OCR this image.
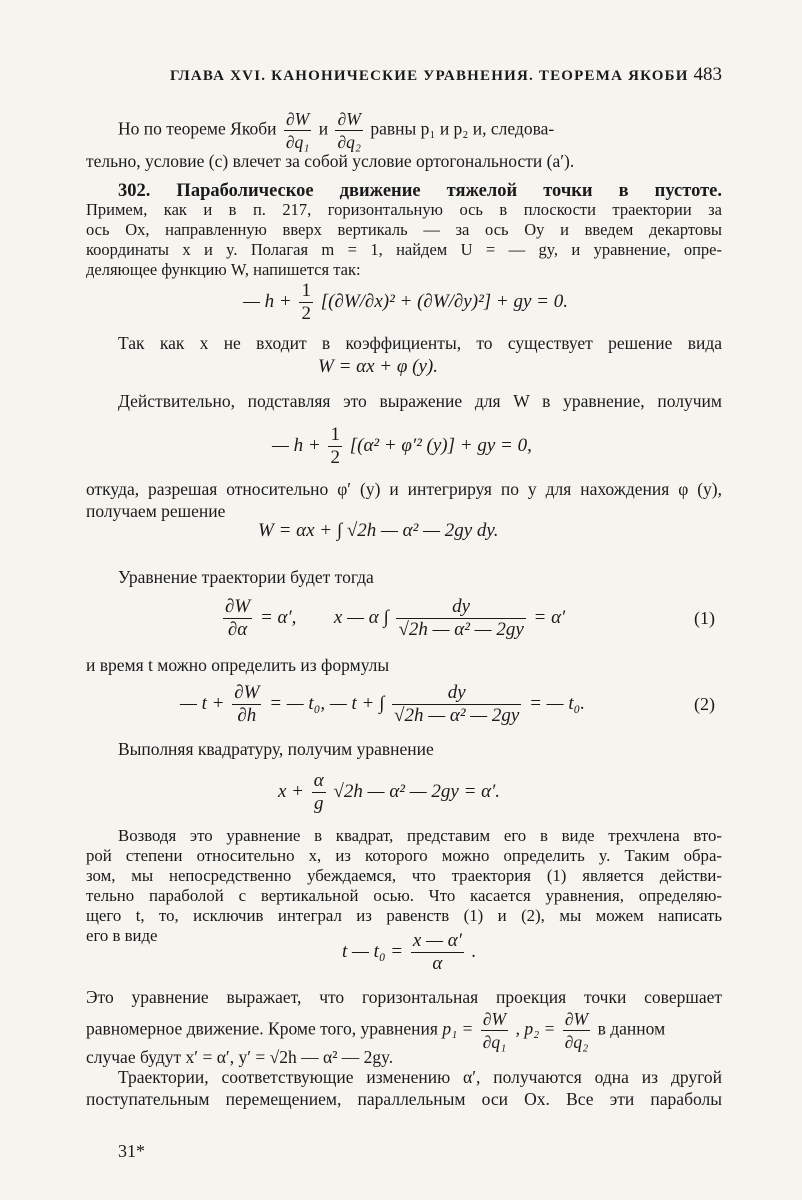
ГЛАВА XVI. КАНОНИЧЕСКИЕ УРАВНЕНИЯ. ТЕОРЕМА ЯКОБИ 483
Но по теореме Якоби $\frac{\partial W}{\text{∂q₁}}$ и $\frac{\partial W}{\text{∂q₂}}$ равны p₁ и p₂ и, следова-
тельно, условие (c) влечет за собой условие ортогональности (a′).
302. Параболическое движение тяжелой точки в пустоте.
Примем, как и в п. 217, горизонтальную ось в плоскости траектории за
ось Ox, направленную вверх вертикаль — за ось Oy и введем декартовы
координаты x и y. Полагая m = 1, найдем U = — gy, и уравнение, опре-
деляющее функцию W, напишется так:
— $h + \frac{1}{2} [(\partial W/\partial x)^2 + (\partial W/\partial y)^2]$ + gy = 0.
Так как x не входит в коэффициенты, то существует решение вида
W = αx + φ (y).
Действительно, подставляя это выражение для W в уравнение, получим
— $h + \frac{1}{2} [(\alpha^2 + \varphi'^2$ (y)] + gy = 0,
откуда, разрешая относительно φ′ (y) и интегрируя по y для нахождения φ (y),
получаем решение
W = αx + ∫ √2h — α² — 2gy dy.
Уравнение траектории будет тогда
$\frac{\partial W}{\partial\alpha} = \alpha'$, x — α ∫ $\frac{dy}{\text{√2h — α² — 2gy}} = \alpha'$	(1)
и время t можно определить из формулы
— $t + \frac{\partial W}{\partial h}$ = — t₀, — t + ∫ $\frac{dy}{\text{√2h — α² — 2gy}}$ = — t₀.	(2)
Выполняя квадратуру, получим уравнение
$x + \frac{\alpha}{g} √2h$ — α² — 2gy = α′.
Возводя это уравнение в квадрат, представим его в виде трехчлена вто-
рой степени относительно x, из которого можно определить y. Таким обра-
зом, мы непосредственно убеждаемся, что траектория (1) является действи-
тельно параболой с вертикальной осью. Что касается уравнения, определяю-
щего t, то, исключив интеграл из равенств (1) и (2), мы можем написать
его в виде
t — $t_0 = \frac{x — \alpha'}{\alpha}$ .
Это уравнение выражает, что горизонтальная проекция точки совершает
равномерное движение. Кроме того, уравнения $p_1 = \frac{\partial W}{\text{∂q₁}}$ , $p_2 = \frac{\partial W}{\text{∂q₂}}$ в данном
случае будут x′ = α′, y′ = √2h — α² — 2gy.
Траектории, соответствующие изменению α′, получаются одна из другой
поступательным перемещением, параллельным оси Ox. Все эти параболы
31*
